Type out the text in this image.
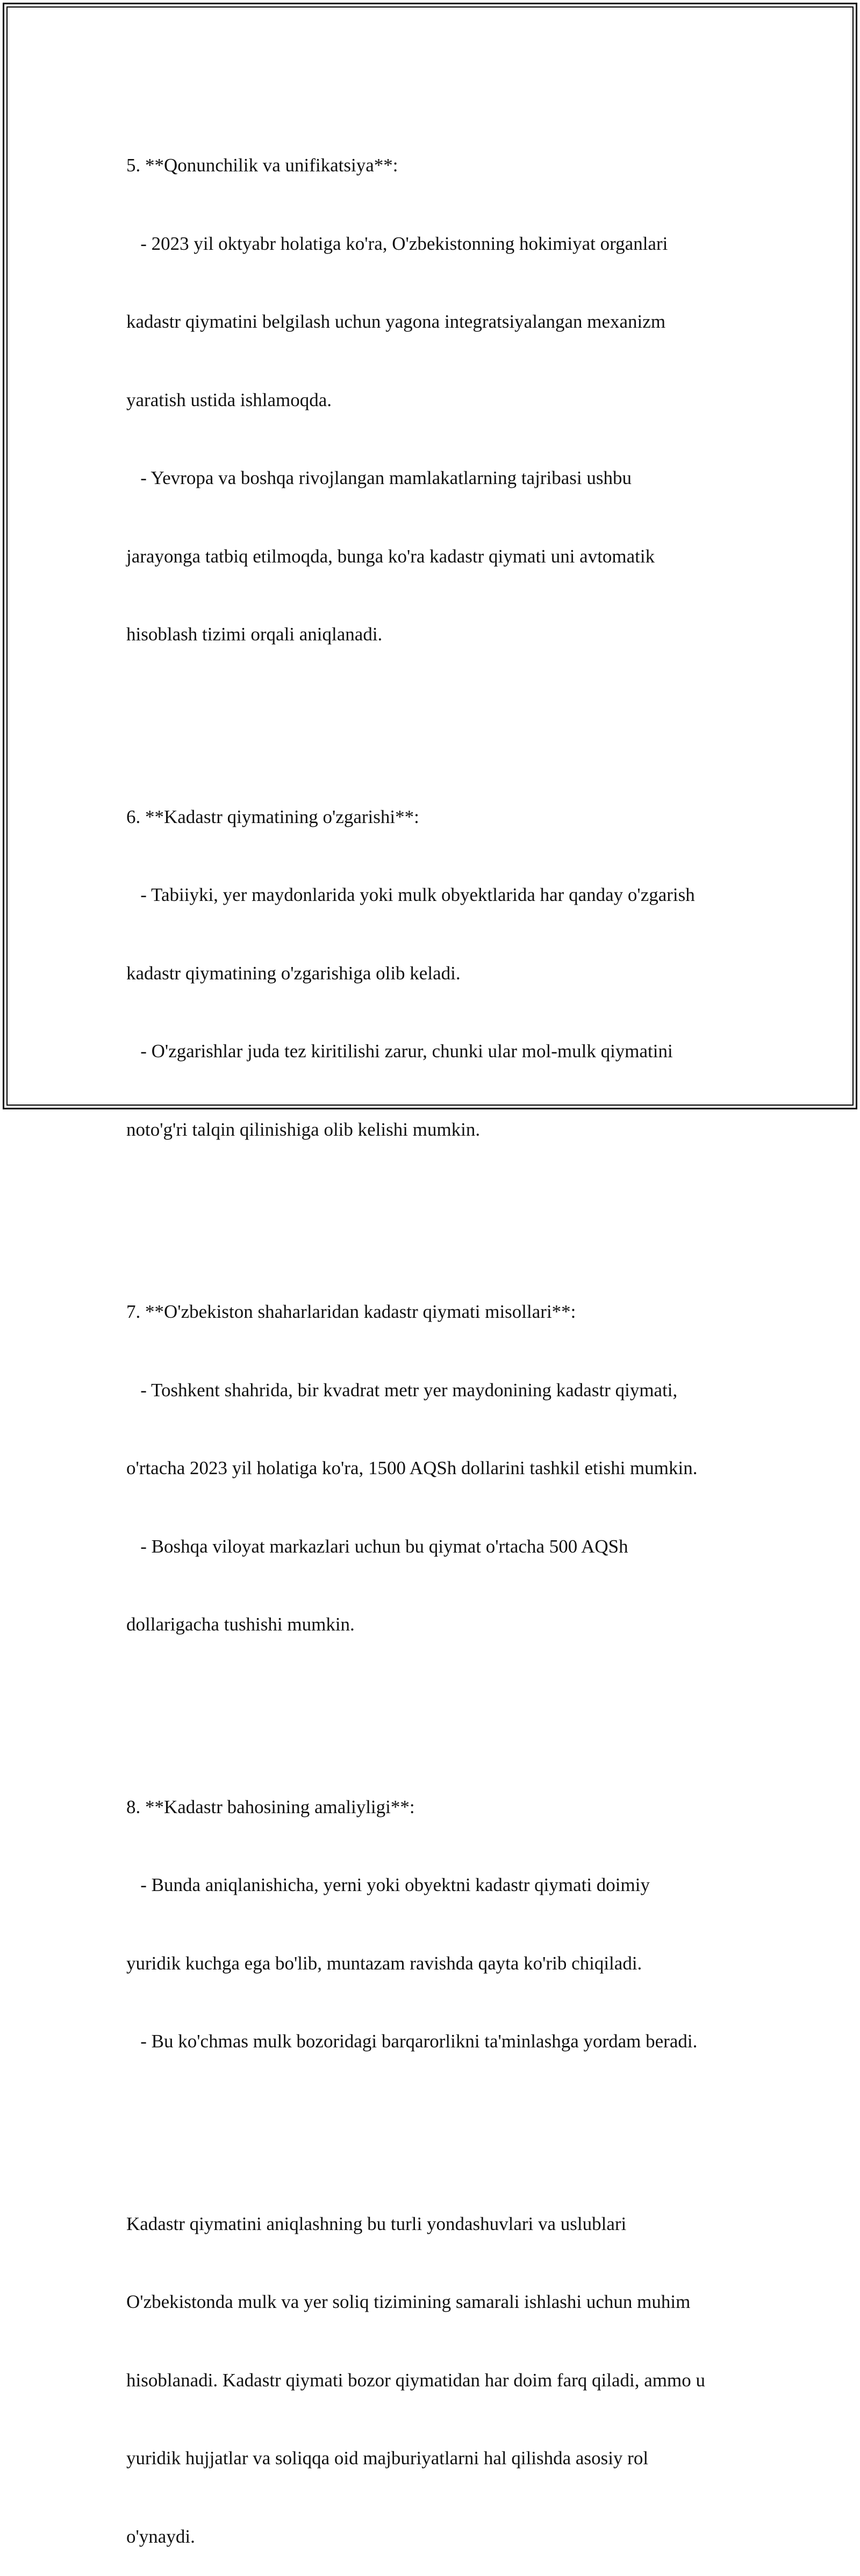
5. **Qonunchilik va unifikatsiya**:

- 2023 yil oktyabr holatiga ko'ra, O'zbekistonning hokimiyat organlari

kadastr qiymatini belgilash uchun yagona integratsiyalangan mexanizm

yaratish ustida ishlamoqda.

- Yevropa va boshqa rivojlangan mamlakatlarning tajribasi ushbu

jarayonga tatbiq etilmoqda, bunga ko'ra kadastr qiymati uni avtomatik

hisoblash tizimi orqali aniqlanadi.

6. **Kadastr qiymatining o'zgarishi**:

- Tabiiyki, yer maydonlarida yoki mulk obyektlarida har qanday o'zgarish

kadastr qiymatining o'zgarishiga olib keladi.

- O'zgarishlar juda tez kiritilishi zarur, chunki ular mol-mulk qiymatini

noto'g'ri talqin qilinishiga olib kelishi mumkin.

7. **O'zbekiston shaharlaridan kadastr qiymati misollari**:

- Toshkent shahrida, bir kvadrat metr yer maydonining kadastr qiymati,

o'rtacha 2023 yil holatiga ko'ra, 1500 AQSh dollarini tashkil etishi mumkin.

- Boshqa viloyat markazlari uchun bu qiymat o'rtacha 500 AQSh

dollarigacha tushishi mumkin.

8. **Kadastr bahosining amaliyligi**:

- Bunda aniqlanishicha, yerni yoki obyektni kadastr qiymati doimiy

yuridik kuchga ega bo'lib, muntazam ravishda qayta ko'rib chiqiladi.

- Bu ko'chmas mulk bozoridagi barqarorlikni ta'minlashga yordam beradi.

Kadastr qiymatini aniqlashning bu turli yondashuvlari va uslublari

O'zbekistonda mulk va yer soliq tizimining samarali ishlashi uchun muhim

hisoblanadi. Kadastr qiymati bozor qiymatidan har doim farq qiladi, ammo u

yuridik hujjatlar va soliqqa oid majburiyatlarni hal qilishda asosiy rol

o'ynaydi.
